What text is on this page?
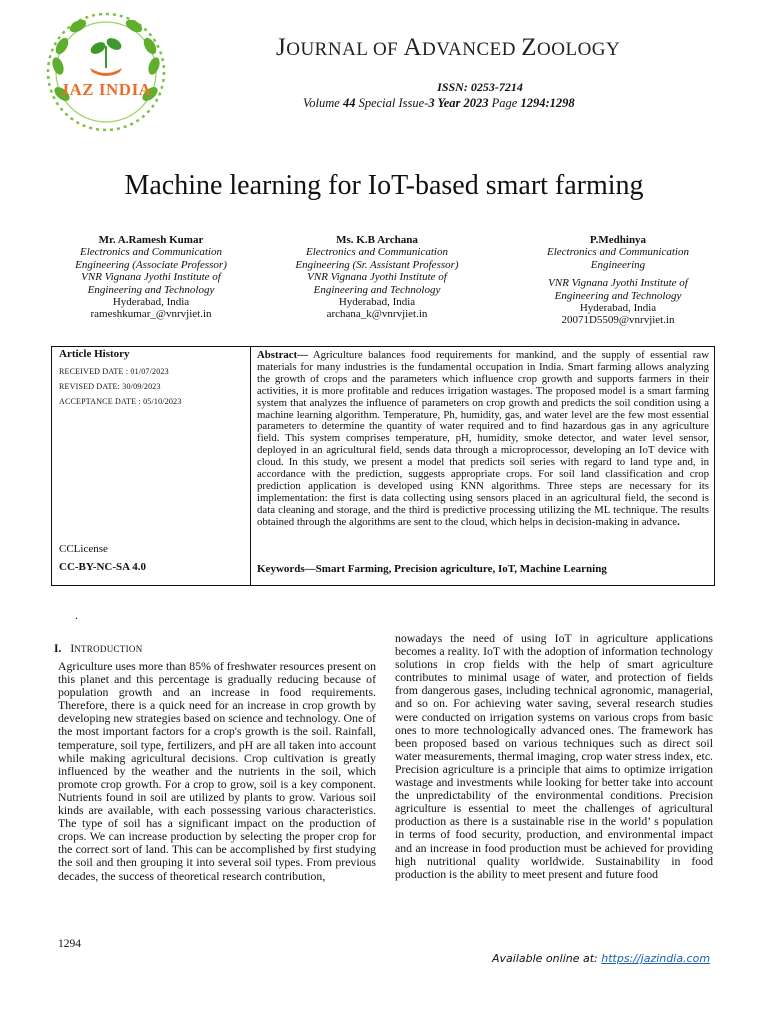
JAZ INDIA
JOURNAL OF ADVANCED ZOOLOGY
ISSN: 0253-7214
Volume 44 Special Issue-3 Year 2023 Page 1294:1298
Machine learning for IoT-based smart farming
Mr. A.Ramesh Kumar
Electronics and Communication
Engineering (Associate Professor)
VNR Vignana Jyothi Institute of
Engineering and Technology
Hyderabad, India
rameshkumar_@vnrvjiet.in
Ms. K.B Archana
Electronics and Communication
Engineering (Sr. Assistant Professor)
VNR Vignana Jyothi Institute of
Engineering and Technology
Hyderabad, India
archana_k@vnrvjiet.in
P.Medhinya
Electronics and Communication
Engineering
VNR Vignana Jyothi Institute of
Engineering and Technology
Hyderabad, India
20071D5509@vnrvjiet.in
Article History
RECEIVED DATE : 01/07/2023
REVISED DATE: 30/09/2023
ACCEPTANCE DATE : 05/10/2023
CCLicense
CC-BY-NC-SA 4.0
Abstract— Agriculture balances food requirements for mankind, and the supply of essential raw materials for many industries is the fundamental occupation in India. Smart farming allows analyzing the growth of crops and the parameters which influence crop growth and supports farmers in their activities, it is more profitable and reduces irrigation wastages. The proposed model is a smart farming system that analyzes the influence of parameters on crop growth and predicts the soil condition using a machine learning algorithm. Temperature, Ph, humidity, gas, and water level are the few most essential parameters to determine the quantity of water required and to find hazardous gas in any agriculture field. This system comprises temperature, pH, humidity, smoke detector, and water level sensor, deployed in an agricultural field, sends data through a microprocessor, developing an IoT device with cloud. In this study, we present a model that predicts soil series with regard to land type and, in accordance with the prediction, suggests appropriate crops. For soil land classification and crop prediction application is developed using KNN algorithms. Three steps are necessary for its implementation: the first is data collecting using sensors placed in an agricultural field, the second is data cleaning and storage, and the third is predictive processing utilizing the ML technique. The results obtained through the algorithms are sent to the cloud, which helps in decision-making in advance.
Keywords—Smart Farming, Precision agriculture, IoT, Machine Learning
.
I. INTRODUCTION
Agriculture uses more than 85% of freshwater resources present on this planet and this percentage is gradually reducing because of population growth and an increase in food requirements. Therefore, there is a quick need for an increase in crop growth by developing new strategies based on science and technology. One of the most important factors for a crop's growth is the soil. Rainfall, temperature, soil type, fertilizers, and pH are all taken into account while making agricultural decisions. Crop cultivation is greatly influenced by the weather and the nutrients in the soil, which promote crop growth. For a crop to grow, soil is a key component. Nutrients found in soil are utilized by plants to grow. Various soil kinds are available, with each possessing various characteristics. The type of soil has a significant impact on the production of crops. We can increase production by selecting the proper crop for the correct sort of land. This can be accomplished by first studying the soil and then grouping it into several soil types. From previous decades, the success of theoretical research contribution,
nowadays the need of using IoT in agriculture applications becomes a reality. IoT with the adoption of information technology solutions in crop fields with the help of smart agriculture contributes to minimal usage of water, and protection of fields from dangerous gases, including technical agronomic, managerial, and so on. For achieving water saving, several research studies were conducted on irrigation systems on various crops from basic ones to more technologically advanced ones. The framework has been proposed based on various techniques such as direct soil water measurements, thermal imaging, crop water stress index, etc. Precision agriculture is a principle that aims to optimize irrigation wastage and investments while looking for better take into account the unpredictability of the environmental conditions. Precision agriculture is essential to meet the challenges of agricultural production as there is a sustainable rise in the world’ s population in terms of food security, production, and environmental impact and an increase in food production must be achieved for providing high nutritional quality worldwide. Sustainability in food production is the ability to meet present and future food
1294
Available online at: https://jazindia.com
